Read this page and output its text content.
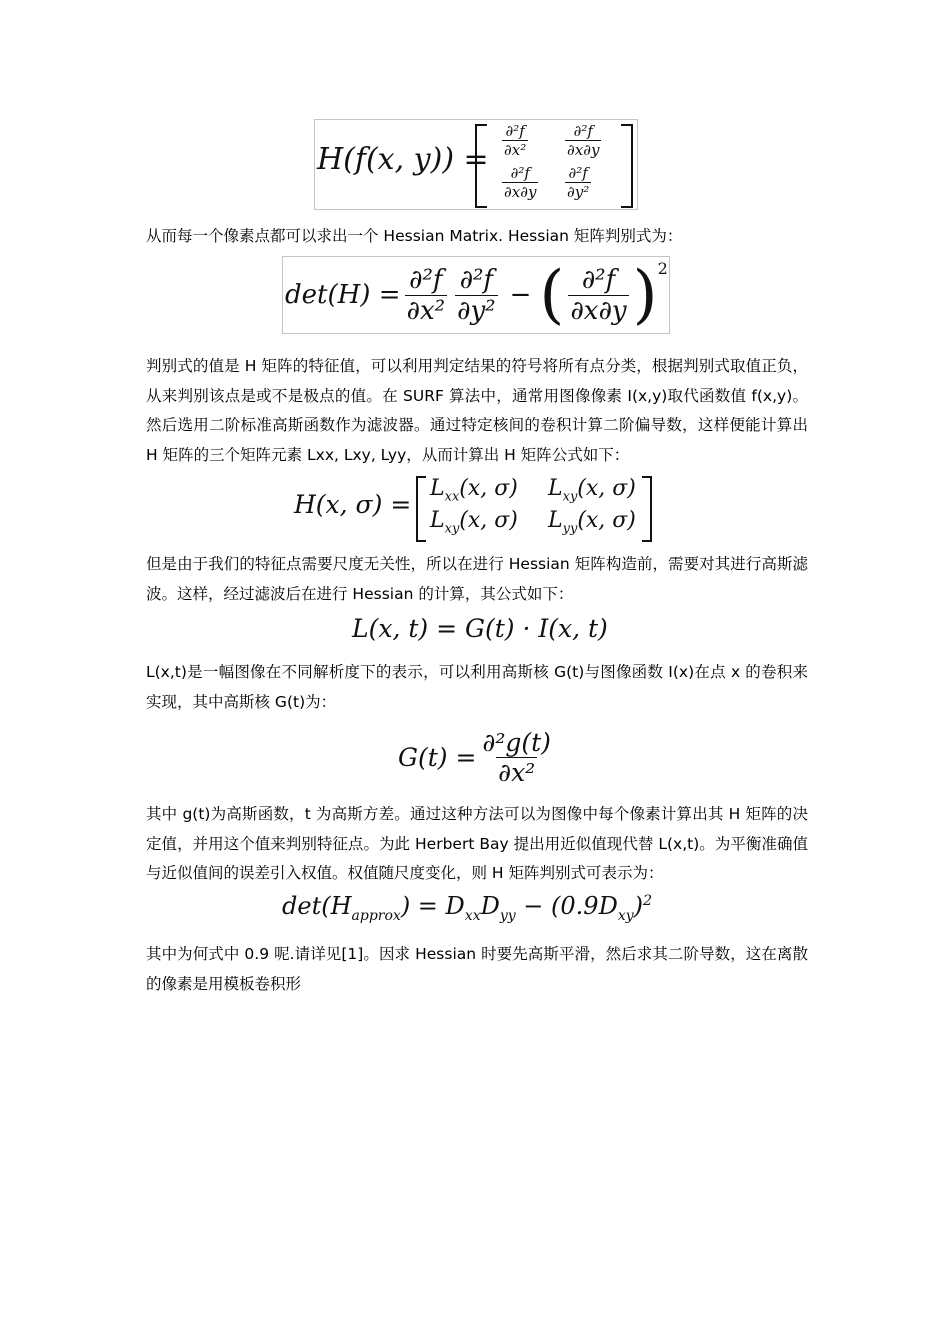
H(f(x, y)) =
$\frac{\text{∂²f}}{\text{∂x²}} \frac{\text{∂²f}}{\partial x\partial y}$
$\frac{\text{∂²f}}{\partial x\partial y} \frac{\text{∂²f}}{\text{∂y²}}$

从而每一个像素点都可以求出一个 Hessian Matrix. Hessian 矩阵判别式为：

$\det(H) = \frac{\text{∂²f}}{\text{∂x²}} \frac{\text{∂²f}}{\text{∂y²}}$ − ( $\frac{\text{∂²f}}{\partial x\partial y}$ ) 2

判别式的值是 H 矩阵的特征值，可以利用判定结果的符号将所有点分类，根据判别式取值正负，从来判别该点是或不是极点的值。在 SURF 算法中，通常用图像像素 I(x,y)取代函数值 f(x,y)。然后选用二阶标准高斯函数作为滤波器。通过特定核间的卷积计算二阶偏导数，这样便能计算出 H 矩阵的三个矩阵元素 Lxx, Lxy, Lyy，从而计算出 H 矩阵公式如下：

H(x, σ) =
$L_{xx}(x$, σ) $L_{xy}(x$, σ)
$L_{xy}(x$, σ) $L_{yy}(x$, σ)

但是由于我们的特征点需要尺度无关性，所以在进行 Hessian 矩阵构造前，需要对其进行高斯滤波。这样，经过滤波后在进行 Hessian 的计算，其公式如下：

L(x, t) = G(t) · I(x, t)

L(x,t)是一幅图像在不同解析度下的表示，可以利用高斯核 G(t)与图像函数 I(x)在点 x 的卷积来实现，其中高斯核 G(t)为：

$G(t) = \frac{\text{∂²g(t)}}{\text{∂x²}}$

其中 g(t)为高斯函数，t 为高斯方差。通过这种方法可以为图像中每个像素计算出其 H 矩阵的决定值，并用这个值来判别特征点。为此 Herbert Bay 提出用近似值现代替 L(x,t)。为平衡准确值与近似值间的误差引入权值。权值随尺度变化，则 H 矩阵判别式可表示为：

$\det(H_{approx}) = D_{xx}D_{yy} - (0.9D_{xy})^2$

其中为何式中 0.9 呢.请详见[1]。因求 Hessian 时要先高斯平滑，然后求其二阶导数，这在离散的像素是用模板卷积形
